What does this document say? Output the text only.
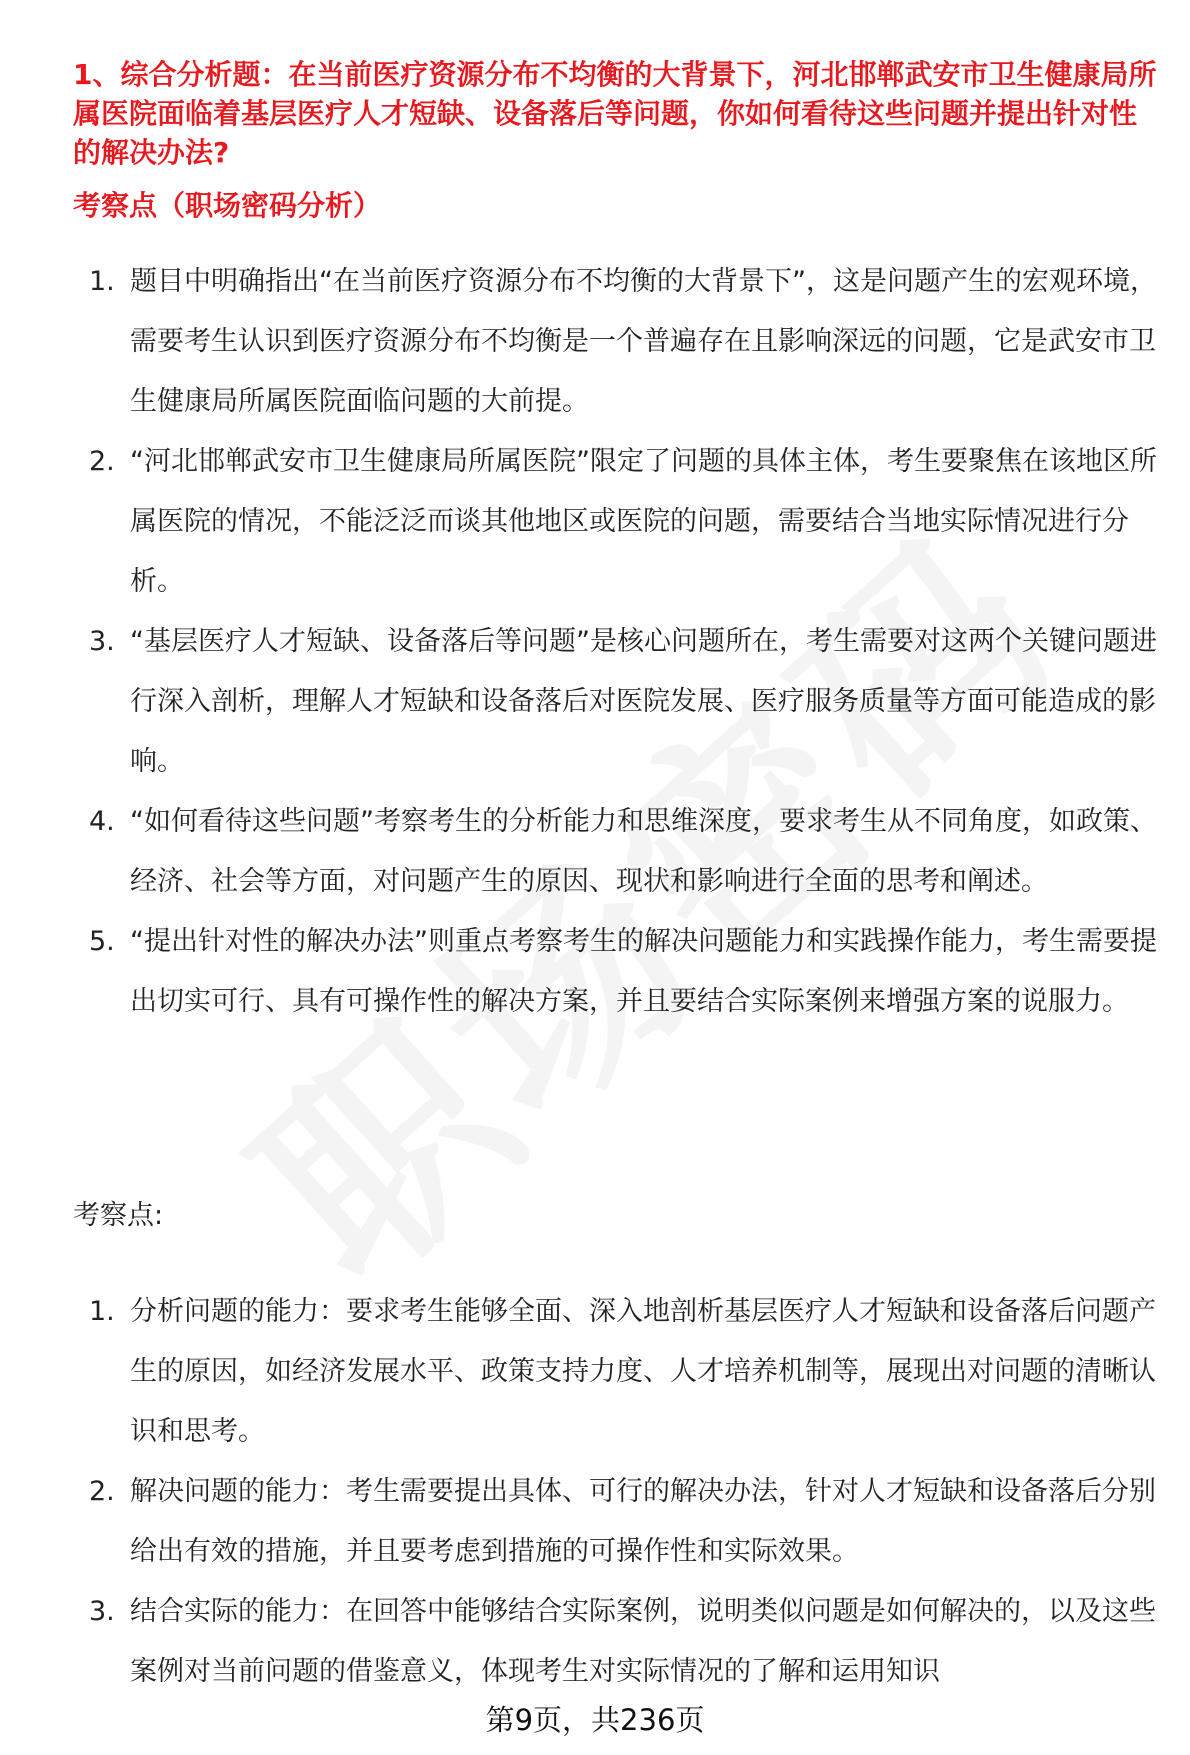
1、综合分析题：在当前医疗资源分布不均衡的大背景下，河北邯郸武安市卫生健康局所属医院面临着基层医疗人才短缺、设备落后等问题，你如何看待这些问题并提出针对性的解决办法?
考察点（职场密码分析）
1. 题目中明确指出“在当前医疗资源分布不均衡的大背景下”，这是问题产生的宏观环境，需要考生认识到医疗资源分布不均衡是一个普遍存在且影响深远的问题，它是武安市卫生健康局所属医院面临问题的大前提。
2. “河北邯郸武安市卫生健康局所属医院”限定了问题的具体主体，考生要聚焦在该地区所属医院的情况，不能泛泛而谈其他地区或医院的问题，需要结合当地实际情况进行分析。
3. “基层医疗人才短缺、设备落后等问题”是核心问题所在，考生需要对这两个关键问题进行深入剖析，理解人才短缺和设备落后对医院发展、医疗服务质量等方面可能造成的影响。
4. “如何看待这些问题”考察考生的分析能力和思维深度，要求考生从不同角度，如政策、经济、社会等方面，对问题产生的原因、现状和影响进行全面的思考和阐述。
5. “提出针对性的解决办法”则重点考察考生的解决问题能力和实践操作能力，考生需要提出切实可行、具有可操作性的解决方案，并且要结合实际案例来增强方案的说服力。
考察点:
1. 分析问题的能力：要求考生能够全面、深入地剖析基层医疗人才短缺和设备落后问题产生的原因，如经济发展水平、政策支持力度、人才培养机制等，展现出对问题的清晰认识和思考。
2. 解决问题的能力：考生需要提出具体、可行的解决办法，针对人才短缺和设备落后分别给出有效的措施，并且要考虑到措施的可操作性和实际效果。
3. 结合实际的能力：在回答中能够结合实际案例，说明类似问题是如何解决的，以及这些案例对当前问题的借鉴意义，体现考生对实际情况的了解和运用知识
第9页，共236页
